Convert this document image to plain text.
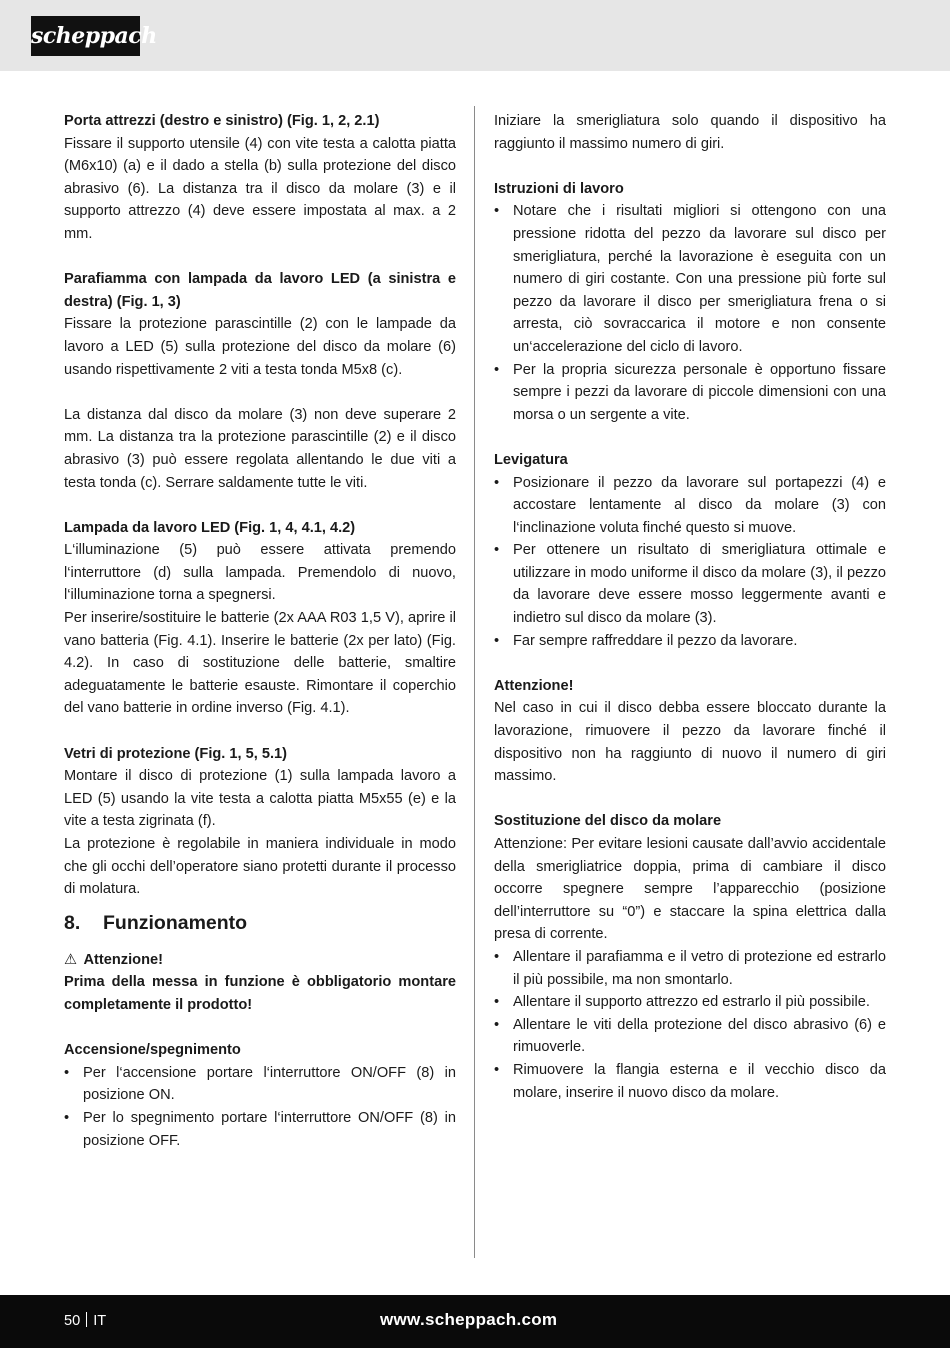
scheppach

Porta attrezzi (destro e sinistro) (Fig. 1, 2, 2.1)

Fissare il supporto utensile (4) con vite testa a calotta piatta (M6x10) (a) e il dado a stella (b) sulla protezione del disco abrasivo (6). La distanza tra il disco da molare (3) e il supporto attrezzo (4) deve essere impostata al max. a 2 mm.

Parafiamma con lampada da lavoro LED (a sinistra e destra) (Fig. 1, 3)

Fissare la protezione parascintille (2) con le lampade da lavoro a LED (5) sulla protezione del disco da molare (6) usando rispettivamente 2 viti a testa tonda M5x8 (c).

La distanza dal disco da molare (3) non deve superare 2 mm. La distanza tra la protezione parascintille (2) e il disco abrasivo (3) può essere regolata allentando le due viti a testa tonda (c). Serrare saldamente tutte le viti.

Lampada da lavoro LED (Fig. 1, 4, 4.1, 4.2)

L‘illuminazione (5) può essere attivata premendo l‘interruttore (d) sulla lampada. Premendolo di nuovo, l‘illuminazione torna a spegnersi.

Per inserire/sostituire le batterie (2x AAA R03 1,5 V), aprire il vano batteria (Fig. 4.1). Inserire le batterie (2x per lato) (Fig. 4.2). In caso di sostituzione delle batterie, smaltire adeguatamente le batterie esauste. Rimontare il coperchio del vano batterie in ordine inverso (Fig. 4.1).

Vetri di protezione (Fig. 1, 5, 5.1)

Montare il disco di protezione (1) sulla lampada lavoro a LED (5) usando la vite testa a calotta piatta M5x55 (e) e la vite a testa zigrinata (f).

La protezione è regolabile in maniera individuale in modo che gli occhi dell’operatore siano protetti durante il processo di molatura.

8.	Funzionamento

⚠ Attenzione!

Prima della messa in funzione è obbligatorio montare completamente il prodotto!

Accensione/spegnimento

• Per l‘accensione portare l‘interruttore ON/OFF (8) in posizione ON.
• Per lo spegnimento portare l‘interruttore ON/OFF (8) in posizione OFF.

Iniziare la smerigliatura solo quando il dispositivo ha raggiunto il massimo numero di giri.

Istruzioni di lavoro

• Notare che i risultati migliori si ottengono con una pressione ridotta del pezzo da lavorare sul disco per smerigliatura, perché la lavorazione è eseguita con un numero di giri costante. Con una pressione più forte sul pezzo da lavorare il disco per smerigliatura frena o si arresta, ciò sovraccarica il motore e non consente un‘accelerazione del ciclo di lavoro.
• Per la propria sicurezza personale è opportuno fissare sempre i pezzi da lavorare di piccole dimensioni con una morsa o un sergente a vite.

Levigatura

• Posizionare il pezzo da lavorare sul portapezzi (4) e accostare lentamente al disco da molare (3) con l‘inclinazione voluta finché questo si muove.
• Per ottenere un risultato di smerigliatura ottimale e utilizzare in modo uniforme il disco da molare (3), il pezzo da lavorare deve essere mosso leggermente avanti e indietro sul disco da molare (3).
• Far sempre raffreddare il pezzo da lavorare.

Attenzione!

Nel caso in cui il disco debba essere bloccato durante la lavorazione, rimuovere il pezzo da lavorare finché il dispositivo non ha raggiunto di nuovo il numero di giri massimo.

Sostituzione del disco da molare

Attenzione: Per evitare lesioni causate dall’avvio accidentale della smerigliatrice doppia, prima di cambiare il disco occorre spegnere sempre l’apparecchio (posizione dell’interruttore su “0”) e staccare la spina elettrica dalla presa di corrente.

• Allentare il parafiamma e il vetro di protezione ed estrarlo il più possibile, ma non smontarlo.
• Allentare il supporto attrezzo ed estrarlo il più possibile.
• Allentare le viti della protezione del disco abrasivo (6) e rimuoverle.
• Rimuovere la flangia esterna e il vecchio disco da molare, inserire il nuovo disco da molare.
50 IT	www.scheppach.com
